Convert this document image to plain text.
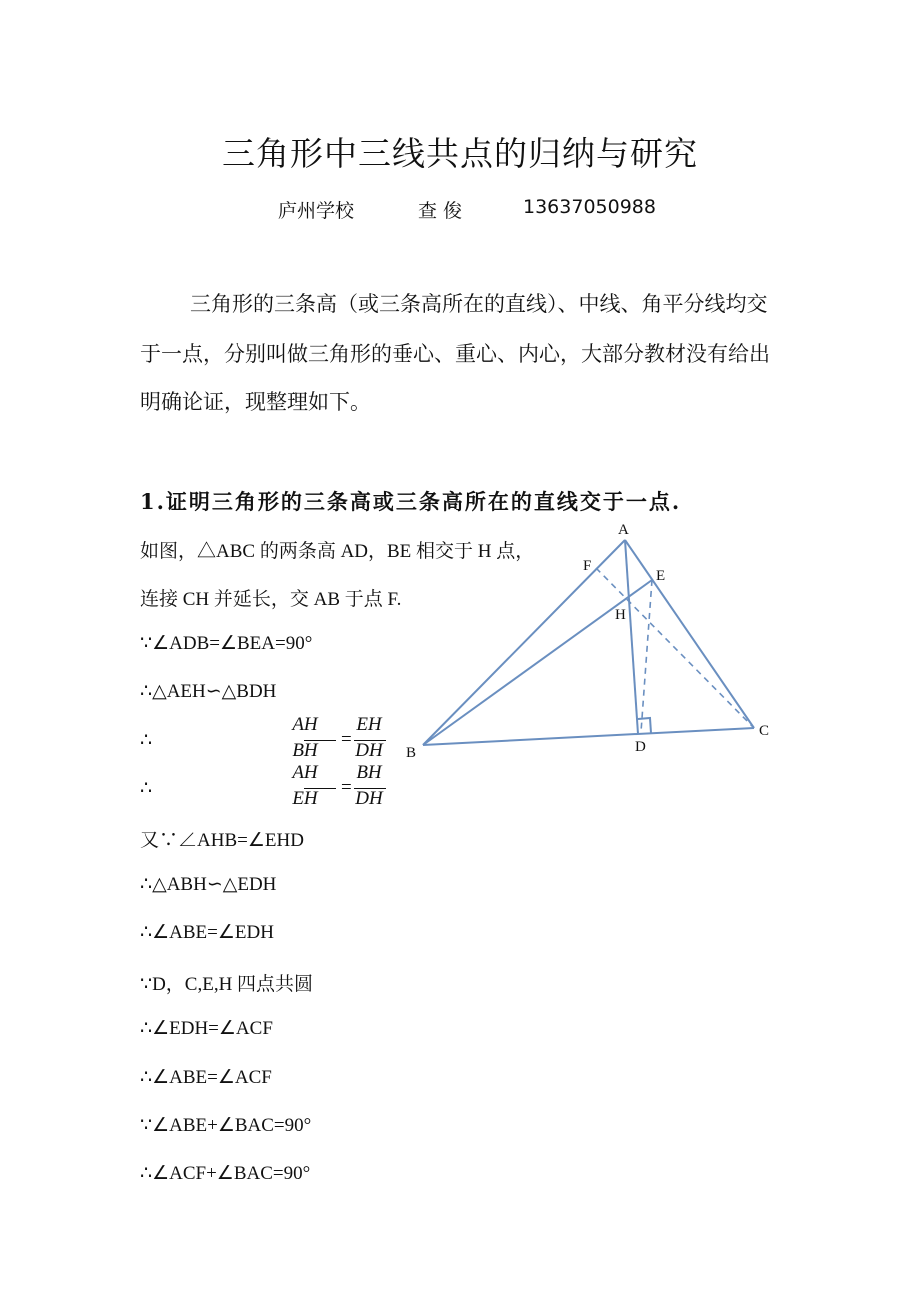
三角形中三线共点的归纳与研究
庐州学校	查 俊	13637050988
三角形的三条高（或三条高所在的直线）、中线、角平分线均交
于一点，分别叫做三角形的垂心、重心、内心，大部分教材没有给出
明确论证，现整理如下。
1.证明三角形的三条高或三条高所在的直线交于一点.
如图，△ABC 的两条高 AD，BE 相交于 H 点，
连接 CH 并延长，交 AB 于点 F.
∵∠ADB=∠BEA=90°
∴△AEH∽△BDH
∴
AH
BH
=
EH
DH
∴
AH
EH
=
BH
DH
又∵∠AHB=∠EHD
∴△ABH∽△EDH
∴∠ABE=∠EDH
∵D，C,E,H 四点共圆
∴∠EDH=∠ACF
∴∠ABE=∠ACF
∵∠ABE+∠BAC=90°
∴∠ACF+∠BAC=90°
A
B
C
D
E
F
H
